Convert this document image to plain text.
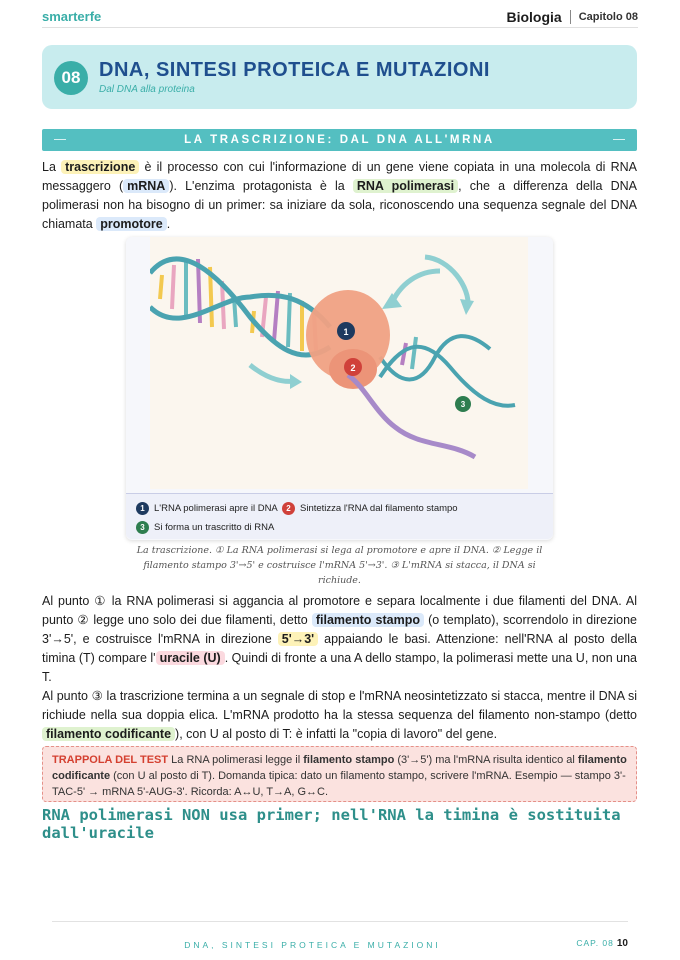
smarterfe	Biologia Capitolo 08
08 DNA, SINTESI PROTEICA E MUTAZIONI
Dal DNA alla proteina
LA TRASCRIZIONE: DAL DNA ALL'MRNA

La trascrizione è il processo con cui l'informazione di un gene viene copiata in una molecola di RNA messaggero ( mRNA ). L'enzima protagonista è la RNA polimerasi , che a differenza della DNA polimerasi non ha bisogno di un primer: sa iniziare da sola, riconoscendo una sequenza segnale del DNA chiamata promotore .

1
2
3
1 L'RNA polimerasi apre il DNA	2 Sintetizza l'RNA dal filamento stampo
3 Si forma un trascritto di RNA

La trascrizione. ① La RNA polimerasi si lega al promotore e apre il DNA. ② Legge il filamento stampo 3'→5' e costruisce l'mRNA 5'→3'. ③ L'mRNA si stacca, il DNA si richiude.

Al punto ① la RNA polimerasi si aggancia al promotore e separa localmente i due filamenti del DNA. Al punto ② legge uno solo dei due filamenti, detto filamento stampo (o templato), scorrendolo in direzione 3'→5', e costruisce l'mRNA in direzione 5'→3' appaiando le basi. Attenzione: nell'RNA al posto della timina (T) compare l' uracile (U) . Quindi di fronte a una A dello stampo, la polimerasi mette una U, non una T.

Al punto ③ la trascrizione termina a un segnale di stop e l'mRNA neosintetizzato si stacca, mentre il DNA si richiude nella sua doppia elica. L'mRNA prodotto ha la stessa sequenza del filamento non-stampo (detto filamento codificante ), con U al posto di T: è infatti la "copia di lavoro" del gene.

TRAPPOLA DEL TEST La RNA polimerasi legge il filamento stampo (3'→5') ma l'mRNA risulta identico al filamento codificante (con U al posto di T). Domanda tipica: dato un filamento stampo, scrivere l'mRNA. Esempio — stampo 3'-TAC-5' → mRNA 5'-AUG-3'. Ricorda: A↔U, T→A, G↔C.
RNA polimerasi NON usa primer; nell'RNA la timina è sostituita dall'uracile
DNA, SINTESI PROTEICA E MUTAZIONI	CAP. 08 10
